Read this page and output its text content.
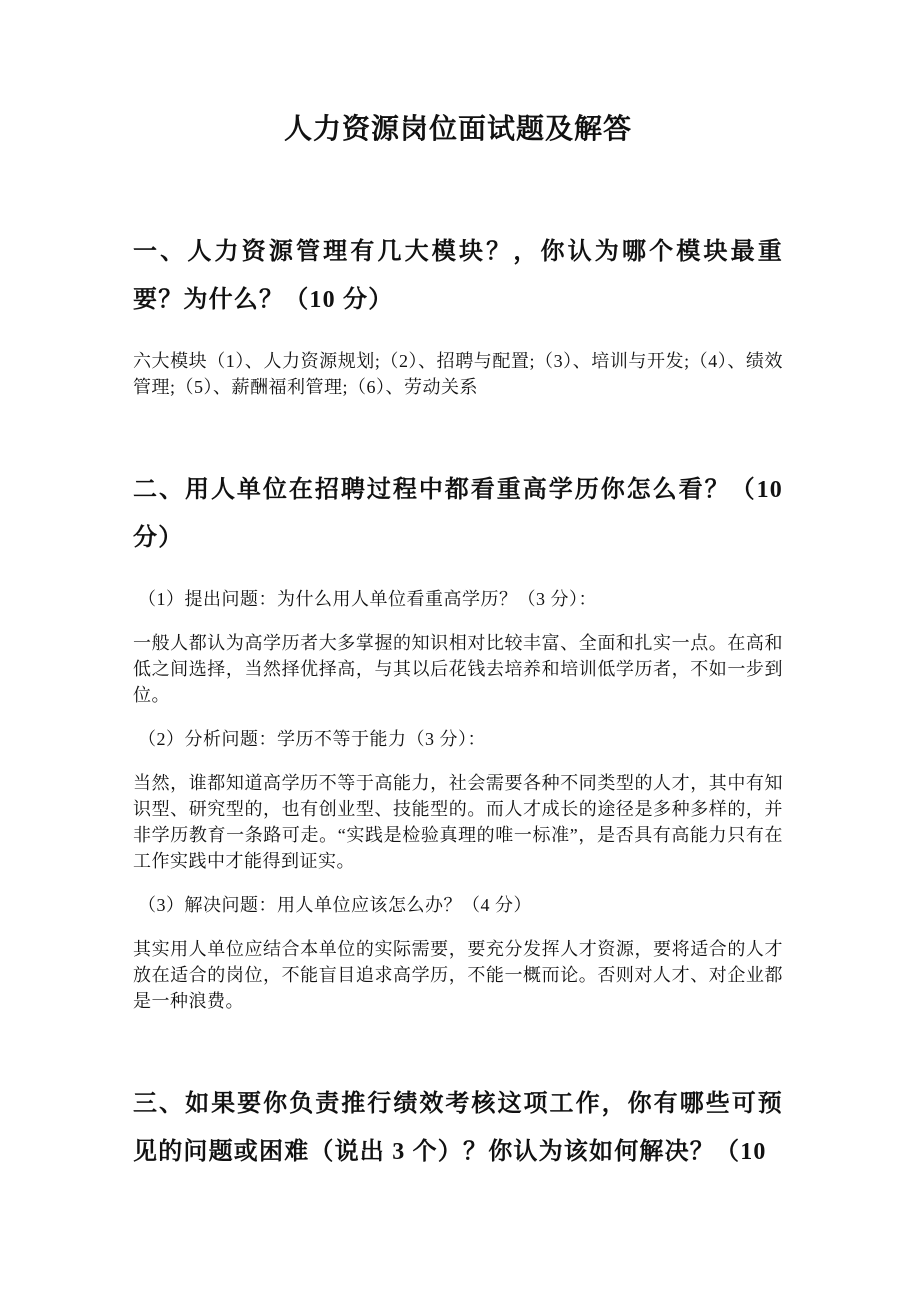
人力资源岗位面试题及解答
一、人力资源管理有几大模块？，你认为哪个模块最重要？为什么？（10 分）

六大模块（1）、人力资源规划;（2）、招聘与配置;（3）、培训与开发;（4）、绩效管理;（5）、薪酬福利管理;（6）、劳动关系

二、用人单位在招聘过程中都看重高学历你怎么看？（10 分）

（1）提出问题：为什么用人单位看重高学历？（3 分）：

一般人都认为高学历者大多掌握的知识相对比较丰富、全面和扎实一点。在高和低之间选择，当然择优择高，与其以后花钱去培养和培训低学历者，不如一步到位。

（2）分析问题：学历不等于能力（3 分）：

当然，谁都知道高学历不等于高能力，社会需要各种不同类型的人才，其中有知识型、研究型的，也有创业型、技能型的。而人才成长的途径是多种多样的，并非学历教育一条路可走。“实践是检验真理的唯一标准”，是否具有高能力只有在工作实践中才能得到证实。

（3）解决问题：用人单位应该怎么办？（4 分）

其实用人单位应结合本单位的实际需要，要充分发挥人才资源，要将适合的人才放在适合的岗位，不能盲目追求高学历，不能一概而论。否则对人才、对企业都是一种浪费。

三、如果要你负责推行绩效考核这项工作，你有哪些可预见的问题或困难（说出 3 个）？你认为该如何解决？（10
